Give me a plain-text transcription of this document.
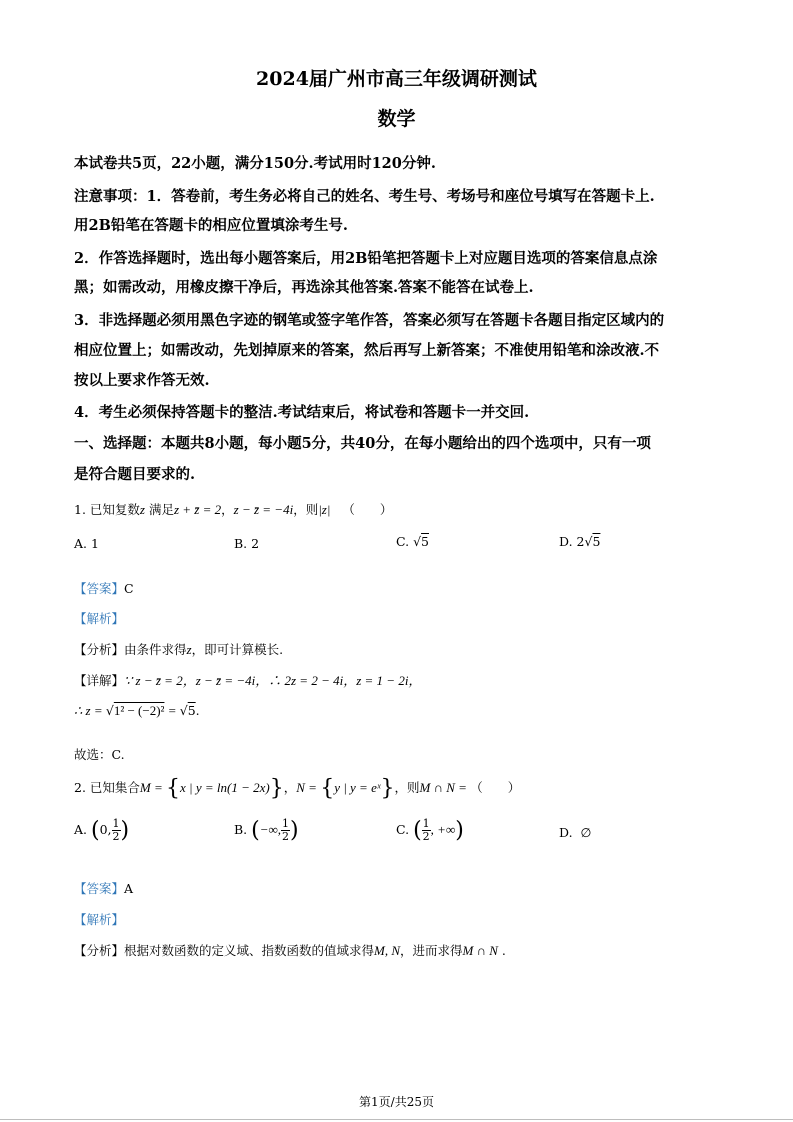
2024届广州市高三年级调研测试
数学
本试卷共5页，22小题，满分150分.考试用时120分钟.
注意事项：1．答卷前，考生务必将自己的姓名、考生号、考场号和座位号填写在答题卡上.
用2B铅笔在答题卡的相应位置填涂考生号.
2．作答选择题时，选出每小题答案后，用2B铅笔把答题卡上对应题目选项的答案信息点涂
黑；如需改动，用橡皮擦干净后，再选涂其他答案.答案不能答在试卷上.
3．非选择题必须用黑色字迹的钢笔或签字笔作答，答案必须写在答题卡各题目指定区域内的
相应位置上；如需改动，先划掉原来的答案，然后再写上新答案；不准使用铅笔和涂改液.不
按以上要求作答无效.
4．考生必须保持答题卡的整洁.考试结束后，将试卷和答题卡一并交回.
一、选择题：本题共8小题，每小题5分，共40分，在每小题给出的四个选项中，只有一项
是符合题目要求的.
1. 已知复数z 满足z + z̄ = 2，z − z̄ = −4i，则|z| （　　）
A. 1	B. 2	C. √5	D. 2√5
【答案】C
【解析】
【分析】由条件求得z，即可计算模长.
【详解】∵ z − z̄ = 2，z − z̄ = −4i，∴ 2z = 2 − 4i，z = 1 − 2i，
∴ z = √1² − (−2)² = √5.
故选：C.
2. 已知集合M = {x | y = ln(1 − 2x)}，N = {y | y = eˣ}，则M ∩ N = （　　）
A. (0, $\frac{1}{2}$ )	B. (−∞, $\frac{1}{2}$ )	C. ( $\frac{1}{2}$ , +∞)	D. ∅
【答案】A
【解析】
【分析】根据对数函数的定义域、指数函数的值域求得M, N，进而求得M ∩ N .
第1页/共25页
